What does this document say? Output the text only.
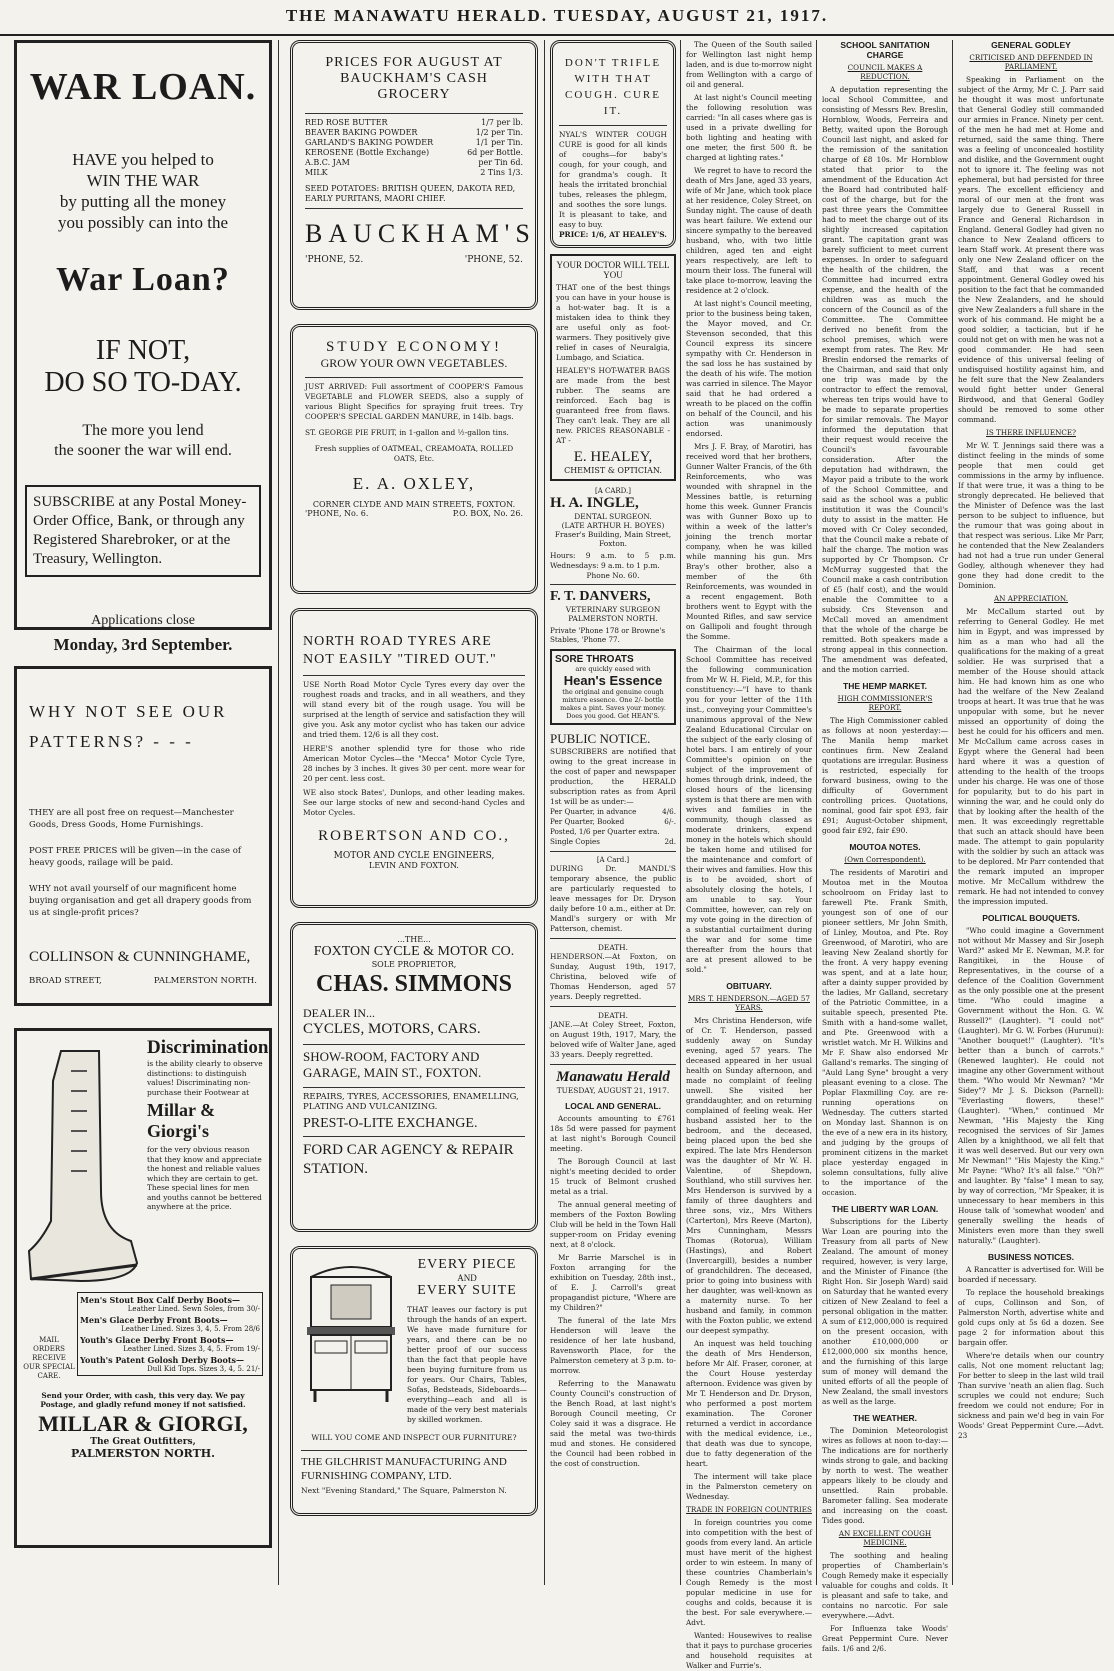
THE MANAWATU HERALD. TUESDAY, AUGUST 21, 1917.
WAR LOAN.
HAVE you helped to
WIN THE WAR
by putting all the money
you possibly can into the
War Loan?
IF NOT,
DO SO TO-DAY.
The more you lend
the sooner the war will end.
SUBSCRIBE at any Postal Money-Order Office, Bank, or through any Registered Sharebroker, or at the Treasury, Wellington.
Applications close
Monday, 3rd September.
WHY NOT SEE OUR PATTERNS? - - -
THEY are all post free on request—Manchester Goods, Dress Goods, Home Furnishings.
POST FREE PRICES will be given—in the case of heavy goods, railage will be paid.
WHY not avail yourself of our magnificent home buying organisation and get all drapery goods from us at single-profit prices?
COLLINSON & CUNNINGHAME,
BROAD STREET,	PALMERSTON NORTH.
Discrimination
is the ability clearly to observe distinctions: to distinguish values! Discriminating non-purchase their Footwear at
Millar & Giorgi's
for the very obvious reason that they know and appreciate the honest and reliable values which they are certain to get. These special lines for men and youths cannot be bettered anywhere at the price.
Men's Stout Box Calf Derby Boots—
Leather Lined. Sewn Soles, from 30/-
Men's Glace Derby Front Boots—
Leather Lined. Sizes 3, 4, 5. From 28/6
Youth's Glace Derby Front Boots—
Leather Lined. Sizes 3, 4, 5. From 19/-
Youth's Patent Golosh Derby Boots—
Dull Kid Tops. Sizes 3, 4, 5. 21/-
MAIL ORDERS RECEIVE OUR SPECIAL CARE.
Send your Order, with cash, this very day. We pay Postage, and gladly refund money if not satisfied.
MILLAR & GIORGI,
The Great Outfitters,
PALMERSTON NORTH.
PRICES FOR AUGUST AT
BAUCKHAM'S CASH GROCERY
RED ROSE BUTTER	1/7 per lb.
BEAVER BAKING POWDER	1/2 per Tin.
GARLAND'S BAKING POWDER	1/1 per Tin.
KEROSENE (Bottle Exchange)	6d per Bottle.
A.B.C. JAM	per Tin 6d.
MILK	2 Tins 1/3.
SEED POTATOES: BRITISH QUEEN, DAKOTA RED, EARLY PURITANS, MAORI CHIEF.
BAUCKHAM'S
'PHONE, 52.	'PHONE, 52.
STUDY ECONOMY!
GROW YOUR OWN VEGETABLES.
JUST ARRIVED: Full assortment of COOPER'S Famous VEGETABLE and FLOWER SEEDS, also a supply of various Blight Specifics for spraying fruit trees. Try COOPER'S SPECIAL GARDEN MANURE, in 14lb. bags.
ST. GEORGE PIE FRUIT, in 1-gallon and ½-gallon tins.
Fresh supplies of OATMEAL, CREAMOATA, ROLLED OATS, Etc.
E. A. OXLEY,
CORNER CLYDE AND MAIN STREETS, FOXTON.
'PHONE, No. 6.	P.O. BOX, No. 26.
NORTH ROAD TYRES ARE NOT EASILY "TIRED OUT."
USE North Road Motor Cycle Tyres every day over the roughest roads and tracks, and in all weathers, and they will stand every bit of the rough usage. You will be surprised at the length of service and satisfaction they will give you. Ask any motor cyclist who has taken our advice and tried them. 12/6 is all they cost.
HERE'S another splendid tyre for those who ride American Motor Cycles—the "Mecca" Motor Cycle Tyre, 28 inches by 3 inches. It gives 30 per cent. more wear for 20 per cent. less cost.
WE also stock Bates', Dunlops, and other leading makes. See our large stocks of new and second-hand Cycles and Motor Cycles.
ROBERTSON AND CO.,
MOTOR AND CYCLE ENGINEERS,
LEVIN AND FOXTON.
...THE...
FOXTON CYCLE & MOTOR CO.
SOLE PROPRIETOR,
CHAS. SIMMONS
DEALER IN...
CYCLES, MOTORS, CARS.
SHOW-ROOM, FACTORY AND GARAGE, MAIN ST., FOXTON.
REPAIRS, TYRES, ACCESSORIES, ENAMELLING, PLATING AND VULCANIZING.
PREST-O-LITE EXCHANGE.
FORD CAR AGENCY & REPAIR STATION.
EVERY PIECE
AND
EVERY SUITE
THAT leaves our factory is put through the hands of an expert. We have made furniture for years, and there can be no better proof of our success than the fact that people have been buying furniture from us for years. Our Chairs, Tables, Sofas, Bedsteads, Sideboards—everything—each and all is made of the very best materials by skilled workmen.
WILL YOU COME AND INSPECT OUR FURNITURE?
THE GILCHRIST MANUFACTURING AND FURNISHING COMPANY, LTD.
Next "Evening Standard," The Square, Palmerston N.
DON'T TRIFLE WITH THAT COUGH. CURE IT.
NYAL'S WINTER COUGH CURE is good for all kinds of coughs—for baby's cough, for your cough, and for grandma's cough. It heals the irritated bronchial tubes, releases the phlegm, and soothes the sore lungs. It is pleasant to take, and easy to buy.
PRICE: 1/6, AT HEALEY'S.
YOUR DOCTOR WILL TELL YOU
THAT one of the best things you can have in your house is a hot-water bag. It is a mistaken idea to think they are useful only as foot-warmers. They positively give relief in cases of Neuralgia, Lumbago, and Sciatica.
HEALEY'S HOT-WATER BAGS are made from the best rubber. The seams are reinforced. Each bag is guaranteed free from flaws. They can't leak. They are all new. PRICES REASONABLE - AT -
E. HEALEY,
CHEMIST & OPTICIAN.
[A CARD.]
H. A. INGLE,
DENTAL SURGEON.
(LATE ARTHUR H. BOYES)
Fraser's Building, Main Street, Foxton.
Hours: 9 a.m. to 5 p.m. Wednesdays: 9 a.m. to 1 p.m.
Phone No. 60.
F. T. DANVERS,
VETERINARY SURGEON
PALMERSTON NORTH.
Private 'Phone 178 or Browne's Stables, 'Phone 77.
SORE THROATS
are quickly eased with
Hean's Essence
the original and genuine cough mixture essence. One 2/- bottle makes a pint. Saves your money. Does you good. Get HEAN'S.
PUBLIC NOTICE.
SUBSCRIBERS are notified that owing to the great increase in the cost of paper and newspaper production, the HERALD subscription rates as from April 1st will be as under:—
Per Quarter, in advance	4/6.
Per Quarter, Booked	6/-.
Posted, 1/6 per Quarter extra.
Single Copies	2d.
[A Card.]
DURING Dr. MANDL'S temporary absence, the public are particularly requested to leave messages for Dr. Dryson daily before 10 a.m., either at Dr. Mandl's surgery or with Mr Patterson, chemist.
DEATH.
HENDERSON.—At Foxton, on Sunday, August 19th, 1917, Christina, beloved wife of Thomas Henderson, aged 57 years. Deeply regretted.
DEATH.
JANE.—At Coley Street, Foxton, on August 19th, 1917, Mary, the beloved wife of Walter Jane, aged 33 years. Deeply regretted.
Manawatu Herald
TUESDAY, AUGUST 21, 1917.
LOCAL AND GENERAL.

Accounts amounting to £761 18s 5d were passed for payment at last night's Borough Council meeting.

The Borough Council at last night's meeting decided to order 15 truck of Belmont crushed metal as a trial.

The annual general meeting of members of the Foxton Bowling Club will be held in the Town Hall supper-room on Friday evening next, at 8 o'clock.

Mr Barrie Marschel is in Foxton arranging for the exhibition on Tuesday, 28th inst., of E. J. Carroll's great propagandist picture, "Where are my Children?"

The funeral of the late Mrs Henderson will leave the residence of her late husband, Ravensworth Place, for the Palmerston cemetery at 3 p.m. to-morrow.

Referring to the Manawatu County Council's construction of the Bench Road, at last night's Borough Council meeting, Cr Coley said it was a disgrace. He said the metal was two-thirds mud and stones. He considered the Council had been robbed in the cost of construction.

The Queen of the South sailed for Wellington last night hemp laden, and is due to-morrow night from Wellington with a cargo of oil and general.

At last night's Council meeting the following resolution was carried: "In all cases where gas is used in a private dwelling for both lighting and heating with one meter, the first 500 ft. be charged at lighting rates."

We regret to have to record the death of Mrs Jane, aged 33 years, wife of Mr Jane, which took place at her residence, Coley Street, on Sunday night. The cause of death was heart failure. We extend our sincere sympathy to the bereaved husband, who, with two little children, aged ten and eight years respectively, are left to mourn their loss. The funeral will take place to-morrow, leaving the residence at 2 o'clock.

At last night's Council meeting, prior to the business being taken, the Mayor moved, and Cr. Stevenson seconded, that this Council express its sincere sympathy with Cr. Henderson in the sad loss he has sustained by the death of his wife. The motion was carried in silence. The Mayor said that he had ordered a wreath to be placed on the coffin on behalf of the Council, and his action was unanimously endorsed.

Mrs J. F. Bray, of Marotiri, has received word that her brothers, Gunner Walter Francis, of the 6th Reinforcements, who was wounded with shrapnel in the Messines battle, is returning home this week. Gunner Francis was with Gunner Boxo up to within a week of the latter's joining the trench mortar company, when he was killed while manning his gun. Mrs Bray's other brother, also a member of the 6th Reinforcements, was wounded in a recent engagement. Both brothers went to Egypt with the Mounted Rifles, and saw service on Gallipoli and fought through the Somme.

The Chairman of the local School Committee has received the following communication from Mr W. H. Field, M.P., for this constituency:—"I have to thank you for your letter of the 11th inst., conveying your Committee's unanimous approval of the New Zealand Educational Circular on the subject of the early closing of hotel bars. I am entirely of your Committee's opinion on the subject of the improvement of homes through drink, indeed, the closed hours of the licensing system is that there are men with wives and families in the community, though classed as moderate drinkers, expend money in the hotels which should be taken home and utilised for the maintenance and comfort of their wives and families. How this is to be avoided, short of absolutely closing the hotels, I am unable to say. Your Committee, however, can rely on my vote going in the direction of a substantial curtailment during the war and for some time thereafter from the hours that are at present allowed to be sold."

OBITUARY.
MRS T. HENDERSON.—AGED 57 YEARS.

Mrs Christina Henderson, wife of Cr. T. Henderson, passed suddenly away on Sunday evening, aged 57 years. The deceased appeared in her usual health on Sunday afternoon, and made no complaint of feeling unwell. She visited her granddaughter, and on returning complained of feeling weak. Her husband assisted her to the bedroom, and the deceased, being placed upon the bed she expired. The late Mrs Henderson was the daughter of Mr W. H. Valentine, of Shepdown, Southland, who still survives her. Mrs Henderson is survived by a family of three daughters and three sons, viz., Mrs Withers (Carterton), Mrs Reeve (Marton), Mrs Cunningham, Messrs Thomas (Rotorua), William (Hastings), and Robert (Invercargill), besides a number of grandchildren. The deceased, prior to going into business with her daughter, was well-known as a maternity nurse. To her husband and family, in common with the Foxton public, we extend our deepest sympathy.

An inquest was held touching the death of Mrs Henderson, before Mr Alf. Fraser, coroner, at the Court House yesterday afternoon. Evidence was given by Mr T. Henderson and Dr. Dryson, who performed a post mortem examination. The Coroner returned a verdict in accordance with the medical evidence, i.e., that death was due to syncope, due to fatty degeneration of the heart.

The interment will take place in the Palmerston cemetery on Wednesday.

TRADE IN FOREIGN COUNTRIES

In foreign countries you come into competition with the best of goods from every land. An article must have merit of the highest order to win esteem. In many of these countries Chamberlain's Cough Remedy is the most popular medicine in use for coughs and colds, because it is the best. For sale everywhere.—Advt.

Wanted: Housewives to realise that it pays to purchase groceries and household requisites at Walker and Furrie's.

SCHOOL SANITATION CHARGE
COUNCIL MAKES A REDUCTION.

A deputation representing the local School Committee, and consisting of Messrs Rev. Breslin, Hornblow, Woods, Ferreira and Betty, waited upon the Borough Council last night, and asked for the remission of the sanitation charge of £8 10s. Mr Hornblow stated that prior to the amendment of the Education Act the Board had contributed half-cost of the charge, but for the past three years the Committee had to meet the charge out of its slightly increased capitation grant. The capitation grant was barely sufficient to meet current expenses. In order to safeguard the health of the children, the Committee had incurred extra expense, and the health of the children was as much the concern of the Council as of the Committee. The Committee derived no benefit from the school premises, which were exempt from rates. The Rev. Mr Breslin endorsed the remarks of the Chairman, and said that only one trip was made by the contractor to effect the removal, whereas ten trips would have to be made to separate properties for similar removals. The Mayor informed the deputation that their request would receive the Council's favourable consideration. After the deputation had withdrawn, the Mayor paid a tribute to the work of the School Committee, and said as the school was a public institution it was the Council's duty to assist in the matter. He moved with Cr Coley seconded, that the Council make a rebate of half the charge. The motion was supported by Cr Thompson. Cr McMurray suggested that the Council make a cash contribution of £5 (half cost), and the would enable the Committee to a subsidy. Crs Stevenson and McCall moved an amendment that the whole of the charge be remitted. Both speakers made a strong appeal in this connection. The amendment was defeated, and the motion carried.

THE HEMP MARKET.
HIGH COMMISSIONER'S REPORT.

The High Commissioner cabled as follows at noon yesterday:— The Manila hemp market continues firm. New Zealand quotations are irregular. Business is restricted, especially for forward business, owing to the difficulty of Government controlling prices. Quotations, nominal, good fair spot £93, fair £91; August-October shipment, good fair £92, fair £90.

MOUTOA NOTES.
(Own Correspondent).

The residents of Marotiri and Moutoa met in the Moutoa schoolroom on Friday last to farewell Pte. Frank Smith, youngest son of one of our pioneer settlers, Mr John Smith, of Linley, Moutoa, and Pte. Roy Greenwood, of Marotiri, who are leaving New Zealand shortly for the front. A very happy evening was spent, and at a late hour, after a dainty supper provided by the ladies, Mr Galland, secretary of the Patriotic Committee, in a suitable speech, presented Pte. Smith with a hand-some wallet, and Pte. Greenwood with a wristlet watch. Mr H. Wilkins and Mr F. Shaw also endorsed Mr Galland's remarks. The singing of "Auld Lang Syne" brought a very pleasant evening to a close. The Poplar Flaxmilling Coy. are re-running operations on Wednesday. The cutters started on Monday last. Shannon is on the eve of a new era in its history, and judging by the groups of prominent citizens in the market place yesterday engaged in solemn consultations, fully alive to the importance of the occasion.

THE LIBERTY WAR LOAN.

Subscriptions for the Liberty War Loan are pouring into the Treasury from all parts of New Zealand. The amount of money required, however, is very large, and the Minister of Finance (the Right Hon. Sir Joseph Ward) said on Saturday that he wanted every citizen of New Zealand to feel a personal obligation in the matter. A sum of £12,000,000 is required on the present occasion, with another £10,000,000 or £12,000,000 six months hence, and the furnishing of this large sum of money will demand the united efforts of all the people of New Zealand, the small investors as well as the large.

THE WEATHER.

The Dominion Meteorologist wires as follows at noon to-day:— The indications are for northerly winds strong to gale, and backing by north to west. The weather appears likely to be cloudy and unsettled. Rain probable. Barometer falling. Sea moderate and increasing on the coast. Tides good.

AN EXCELLENT COUGH MEDICINE.

The soothing and healing properties of Chamberlain's Cough Remedy make it especially valuable for coughs and colds. It is pleasant and safe to take, and contains no narcotic. For sale everywhere.—Advt.

For Influenza take Woods' Great Peppermint Cure. Never fails. 1/6 and 2/6.

GENERAL GODLEY
CRITICISED AND DEFENDED IN PARLIAMENT.

Speaking in Parliament on the subject of the Army, Mr C. J. Parr said he thought it was most unfortunate that General Godley still commanded our armies in France. Ninety per cent. of the men he had met at Home and returned, said the same thing. There was a feeling of unconcealed hostility and dislike, and the Government ought not to ignore it. The feeling was not ephemeral, but had persisted for three years. The excellent efficiency and moral of our men at the front was largely due to General Russell in France and General Richardson in England. General Godley had given no chance to New Zealand officers to learn Staff work. At present there was only one New Zealand officer on the Staff, and that was a recent appointment. General Godley owed his position to the fact that he commanded the New Zealanders, and he should give New Zealanders a full share in the work of his command. He might be a good soldier, a tactician, but if he could not get on with men he was not a good commander. He had seen evidence of this universal feeling of undisguised hostility against him, and he felt sure that the New Zealanders would fight better under General Birdwood, and that General Godley should be removed to some other command.

IS THERE INFLUENCE?

Mr W. T. Jennings said there was a distinct feeling in the minds of some people that men could get commissions in the army by influence. If that were true, it was a thing to be strongly deprecated. He believed that the Minister of Defence was the last person to be subject to influence, but the rumour that was going about in that respect was serious. Like Mr Parr, he contended that the New Zealanders had not had a true run under General Godley, although whenever they had gone they had done credit to the Dominion.

AN APPRECIATION.

Mr McCallum started out by referring to General Godley. He met him in Egypt, and was impressed by him as a man who had all the qualifications for the making of a great soldier. He was surprised that a member of the House should attack him. He had known him as one who had the welfare of the New Zealand troops at heart. It was true that he was unpopular with some, but he never missed an opportunity of doing the best he could for his officers and men. Mr McCallum came across cases in Egypt where the General had been hard where it was a question of attending to the health of the troops under his charge. He was one of those for popularity, but to do his part in winning the war, and he could only do that by looking after the health of the men. It was exceedingly regrettable that such an attack should have been made. The attempt to gain popularity with the soldier by such an attack was to be deplored. Mr Parr contended that the remark imputed an improper motive. Mr McCallum withdrew the remark. He had not intended to convey the impression imputed.

POLITICAL BOUQUETS.

"Who could imagine a Government not without Mr Massey and Sir Joseph Ward?" asked Mr E. Newman, M.P. for Rangitikei, in the House of Representatives, in the course of a defence of the Coalition Government as the only possible one at the present time. "Who could imagine a Government without the Hon. G. W. Russell?" (Laughter). "I could not" (Laughter). Mr G. W. Forbes (Hurunui): "Another bouquet!" (Laughter). "It's better than a bunch of carrots." (Renewed laughter). He could not imagine any other Government without them. "Who would Mr Newman? "Mr Sidey"? Mr J. S. Dickson (Parnell): "Everlasting flowers, these!" (Laughter). "When," continued Mr Newman, "His Majesty the King recognised the services of Sir James Allen by a knighthood, we all felt that it was well deserved. But our very own Mr Newman!" "His Majesty the King." Mr Payne: "Who? It's all false." "Oh?" and laughter. By "false" I mean to say, by way of correction, "Mr Speaker, it is unnecessary to hear members in this House talk of 'somewhat wooden' and generally swelling the heads of Ministers even more than they swell naturally." (Laughter).

BUSINESS NOTICES.

A Rancatter is advertised for. Will be boarded if necessary.

To replace the household breakings of cups, Collinson and Son, of Palmerston North, advertise white and gold cups only at 5s 6d a dozen. See page 2 for information about this bargain offer.

Where're details when our country calls, Not one moment reluctant lag; For better to sleep in the last wild trail Than survive 'neath an alien flag. Such scruples we could not endure; Such freedom we could not endure; For in sickness and pain we'd beg in vain For Woods' Great Peppermint Cure.—Advt. 23
